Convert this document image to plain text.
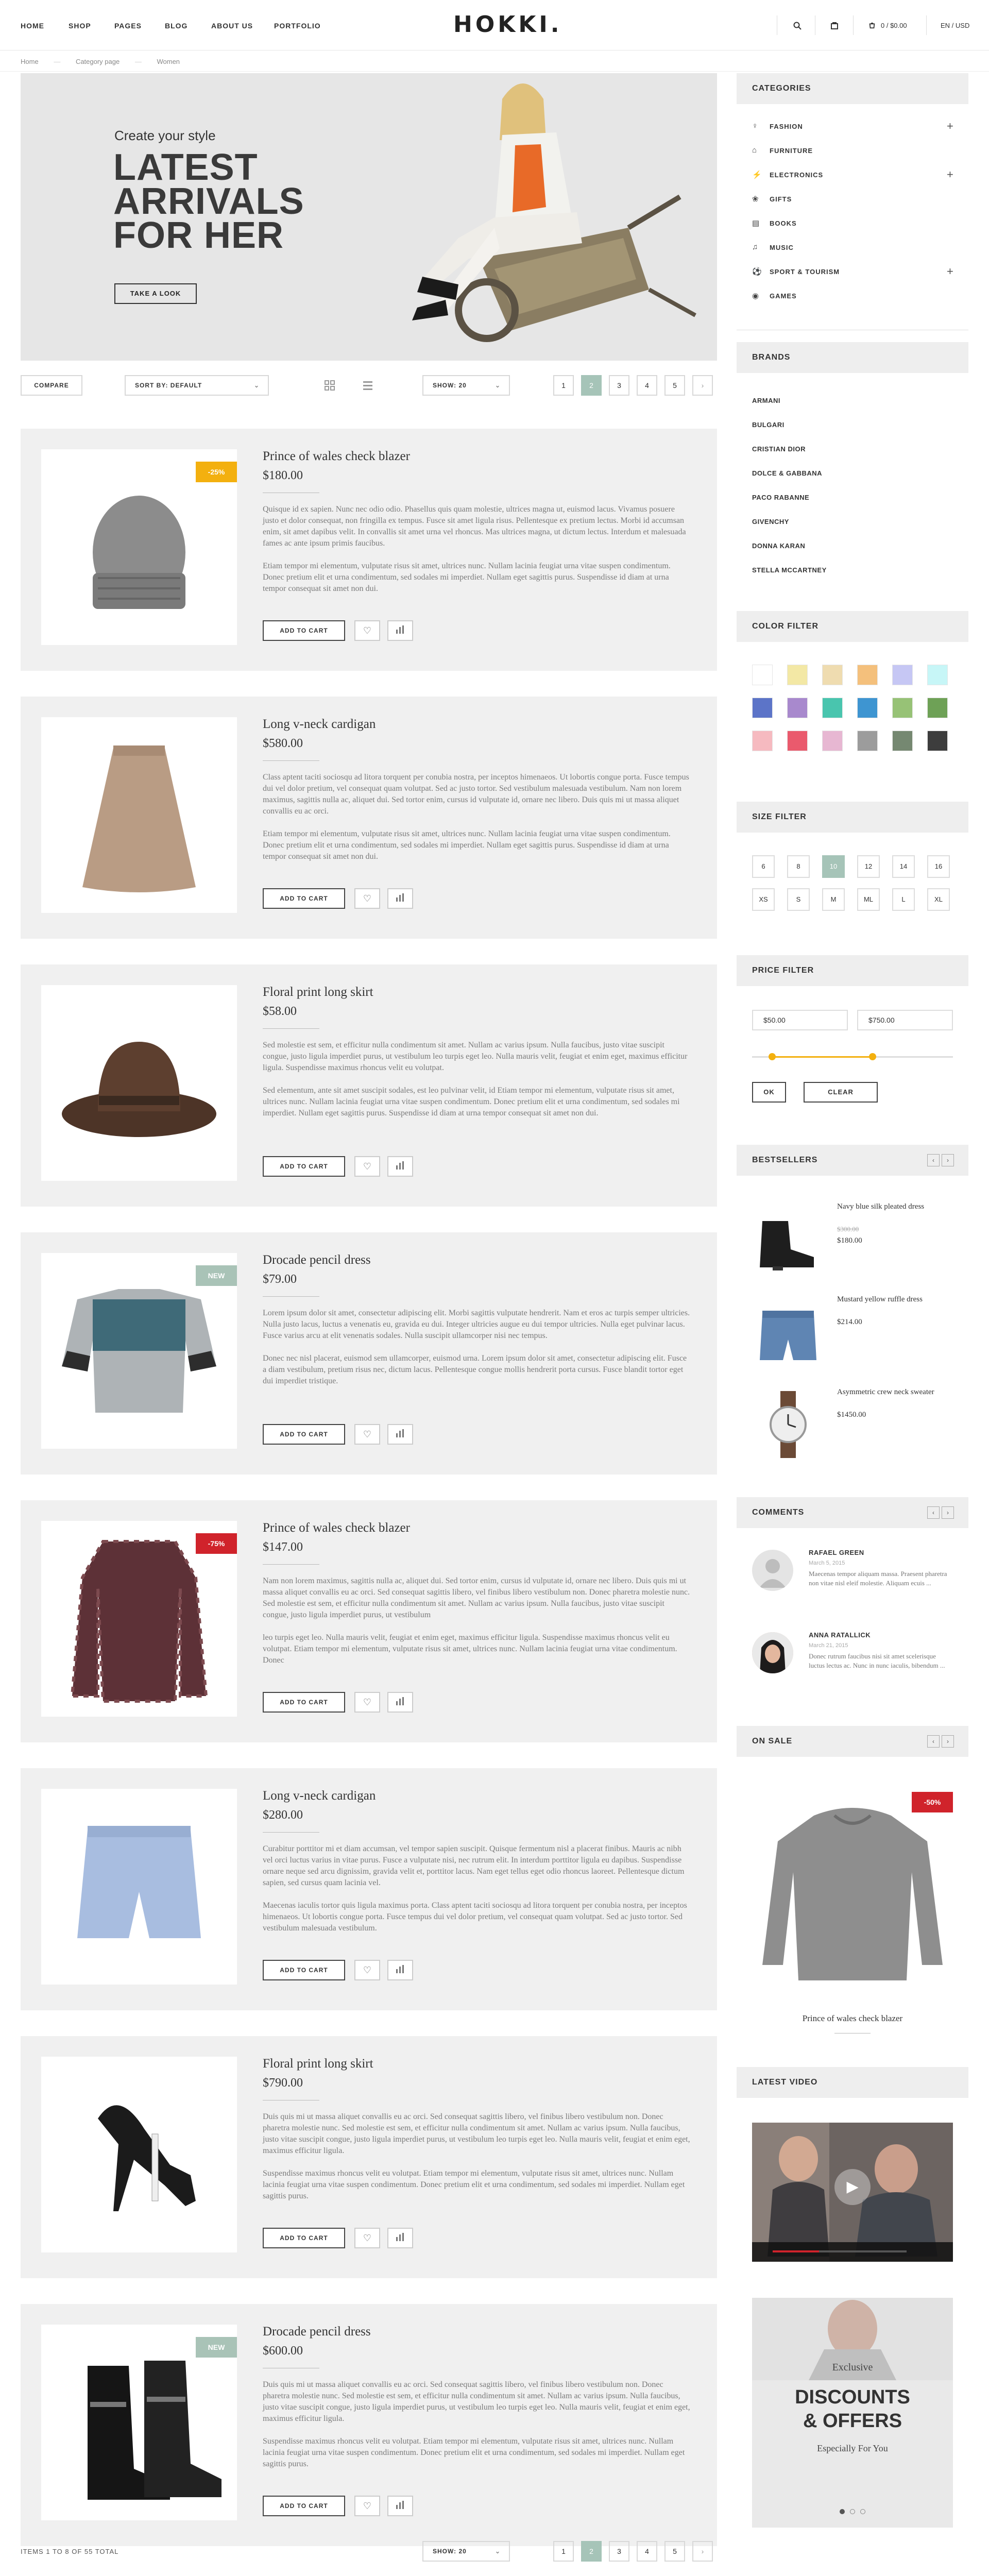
HOME	SHOP	PAGES	BLOG	ABOUT US	PORTFOLIO	HOKKI.	0 / $0.00	EN / USD
Home — Category page — Women
Create your style
LATEST
ARRIVALS
FOR HER
TAKE A LOOK
COMPARE	SORT BY: DEFAULT	⌄	SHOW: 20	⌄	1	2	3	4	5	›
-25%
Prince of wales check blazer
$180.00

Quisque id ex sapien. Nunc nec odio odio. Phasellus quis quam molestie, ultrices magna ut, euismod lacus. Vivamus posuere justo et dolor consequat, non fringilla ex tempus. Fusce sit amet ligula risus. Pellentesque ex pretium lectus. Morbi id accumsan enim, sit amet dapibus velit. In convallis sit amet urna vel rhoncus. Mas ultrices magna, ut dictum lectus. Interdum et malesuada fames ac ante ipsum primis faucibus.

Etiam tempor mi elementum, vulputate risus sit amet, ultrices nunc. Nullam lacinia feugiat urna vitae suspen condimentum. Donec pretium elit et urna condimentum, sed sodales mi imperdiet. Nullam eget sagittis purus. Suspendisse id diam at urna tempor consequat sit amet non dui.

ADD TO CART	♡
Long v-neck cardigan
$580.00

Class aptent taciti sociosqu ad litora torquent per conubia nostra, per inceptos himenaeos. Ut lobortis congue porta. Fusce tempus dui vel dolor pretium, vel consequat quam volutpat. Sed ac justo tortor. Sed vestibulum malesuada vestibulum. Nam non lorem maximus, sagittis nulla ac, aliquet dui. Sed tortor enim, cursus id vulputate id, ornare nec libero. Duis quis mi ut massa aliquet convallis eu ac orci.

Etiam tempor mi elementum, vulputate risus sit amet, ultrices nunc. Nullam lacinia feugiat urna vitae suspen condimentum. Donec pretium elit et urna condimentum, sed sodales mi imperdiet. Nullam eget sagittis purus. Suspendisse id diam at urna tempor consequat sit amet non dui.

ADD TO CART	♡
Floral print long skirt
$58.00

Sed molestie est sem, et efficitur nulla condimentum sit amet. Nullam ac varius ipsum. Nulla faucibus, justo vitae suscipit congue, justo ligula imperdiet purus, ut vestibulum leo turpis eget leo. Nulla mauris velit, feugiat et enim eget, maximus efficitur ligula. Suspendisse maximus rhoncus velit eu volutpat.

Sed elementum, ante sit amet suscipit sodales, est leo pulvinar velit, id Etiam tempor mi elementum, vulputate risus sit amet, ultrices nunc. Nullam lacinia feugiat urna vitae suspen condimentum. Donec pretium elit et urna condimentum, sed sodales mi imperdiet. Nullam eget sagittis purus. Suspendisse id diam at urna tempor consequat sit amet non dui.

ADD TO CART	♡
NEW
Drocade pencil dress
$79.00

Lorem ipsum dolor sit amet, consectetur adipiscing elit. Morbi sagittis vulputate hendrerit. Nam et eros ac turpis semper ultricies. Nulla justo lacus, luctus a venenatis eu, gravida eu dui. Integer ultricies augue eu dui tempor ultricies. Nulla eget pulvinar lacus. Fusce varius arcu at elit venenatis sodales. Nulla suscipit ullamcorper nisi nec tempus.

Donec nec nisl placerat, euismod sem ullamcorper, euismod urna. Lorem ipsum dolor sit amet, consectetur adipiscing elit. Fusce a diam vestibulum, pretium risus nec, dictum lacus. Pellentesque congue mollis hendrerit porta cursus. Fusce blandit tortor eget dui imperdiet tristique.

ADD TO CART	♡
-75%
Prince of wales check blazer
$147.00

Nam non lorem maximus, sagittis nulla ac, aliquet dui. Sed tortor enim, cursus id vulputate id, ornare nec libero. Duis quis mi ut massa aliquet convallis eu ac orci. Sed consequat sagittis libero, vel finibus libero vestibulum non. Donec pharetra molestie nunc. Sed molestie est sem, et efficitur nulla condimentum sit amet. Nullam ac varius ipsum. Nulla faucibus, justo vitae suscipit congue, justo ligula imperdiet purus, ut vestibulum

leo turpis eget leo. Nulla mauris velit, feugiat et enim eget, maximus efficitur ligula. Suspendisse maximus rhoncus velit eu volutpat. Etiam tempor mi elementum, vulputate risus sit amet, ultrices nunc. Nullam lacinia feugiat urna vitae condimentum. Donec

ADD TO CART	♡
Long v-neck cardigan
$280.00

Curabitur porttitor mi et diam accumsan, vel tempor sapien suscipit. Quisque fermentum nisl a placerat finibus. Mauris ac nibh vel orci luctus varius in vitae purus. Fusce a vulputate nisi, nec rutrum elit. In interdum porttitor ligula eu dapibus. Suspendisse ornare neque sed arcu dignissim, gravida velit et, porttitor lacus. Nam eget tellus eget odio rhoncus laoreet. Pellentesque dictum sapien, sed cursus quam lacinia vel.

Maecenas iaculis tortor quis ligula maximus porta. Class aptent taciti sociosqu ad litora torquent per conubia nostra, per inceptos himenaeos. Ut lobortis congue porta. Fusce tempus dui vel dolor pretium, vel consequat quam volutpat. Sed ac justo tortor. Sed vestibulum malesuada vestibulum.

ADD TO CART	♡
Floral print long skirt
$790.00

Duis quis mi ut massa aliquet convallis eu ac orci. Sed consequat sagittis libero, vel finibus libero vestibulum non. Donec pharetra molestie nunc. Sed molestie est sem, et efficitur nulla condimentum sit amet. Nullam ac varius ipsum. Nulla faucibus, justo vitae suscipit congue, justo ligula imperdiet purus, ut vestibulum leo turpis eget leo. Nulla mauris velit, feugiat et enim eget, maximus efficitur ligula.

Suspendisse maximus rhoncus velit eu volutpat. Etiam tempor mi elementum, vulputate risus sit amet, ultrices nunc. Nullam lacinia feugiat urna vitae suspen condimentum. Donec pretium elit et urna condimentum, sed sodales mi imperdiet. Nullam eget sagittis purus.

ADD TO CART	♡
NEW
Drocade pencil dress
$600.00

Duis quis mi ut massa aliquet convallis eu ac orci. Sed consequat sagittis libero, vel finibus libero vestibulum non. Donec pharetra molestie nunc. Sed molestie est sem, et efficitur nulla condimentum sit amet. Nullam ac varius ipsum. Nulla faucibus, justo vitae suscipit congue, justo ligula imperdiet purus, ut vestibulum leo turpis eget leo. Nulla mauris velit, feugiat et enim eget, maximus efficitur ligula.

Suspendisse maximus rhoncus velit eu volutpat. Etiam tempor mi elementum, vulputate risus sit amet, ultrices nunc. Nullam lacinia feugiat urna vitae suspen condimentum. Donec pretium elit et urna condimentum, sed sodales mi imperdiet. Nullam eget sagittis purus.

ADD TO CART	♡
ITEMS 1 TO 8 OF 55 TOTAL	SHOW: 20	⌄	1	2	3	4	5	›
CATEGORIES
♀ FASHION	+
⌂ FURNITURE
⚡ ELECTRONICS	+
❀ GIFTS
▤ BOOKS
♫ MUSIC
⚽ SPORT & TOURISM	+
◉ GAMES
BRANDS
ARMANI
BULGARI
CRISTIAN DIOR
DOLCE & GABBANA
PACO RABANNE
GIVENCHY
DONNA KARAN
STELLA MCCARTNEY
COLOR FILTER
SIZE FILTER
6	8	10	12	14	16
XS	S	M	ML	L	XL
PRICE FILTER
$50.00	$750.00
OK	CLEAR
BESTSELLERS	‹	›
Navy blue silk pleated dress
$300.00
$180.00
Mustard yellow ruffle dress
$214.00
Asymmetric crew neck sweater
$1450.00
COMMENTS	‹	›
RAFAEL GREEN
March 5, 2015
Maecenas tempor aliquam massa. Praesent pharetra non vitae nisl eleif molestie. Aliquam ecuis ...
ANNA RATALLICK
March 21, 2015
Donec rutrum faucibus nisi sit amet scelerisque luctus lectus ac. Nunc in nunc iaculis, bibendum ...
ON SALE	‹	›
-50%
Prince of wales check blazer
LATEST VIDEO
▶
Exclusive
DISCOUNTS
& OFFERS
Especially For You
